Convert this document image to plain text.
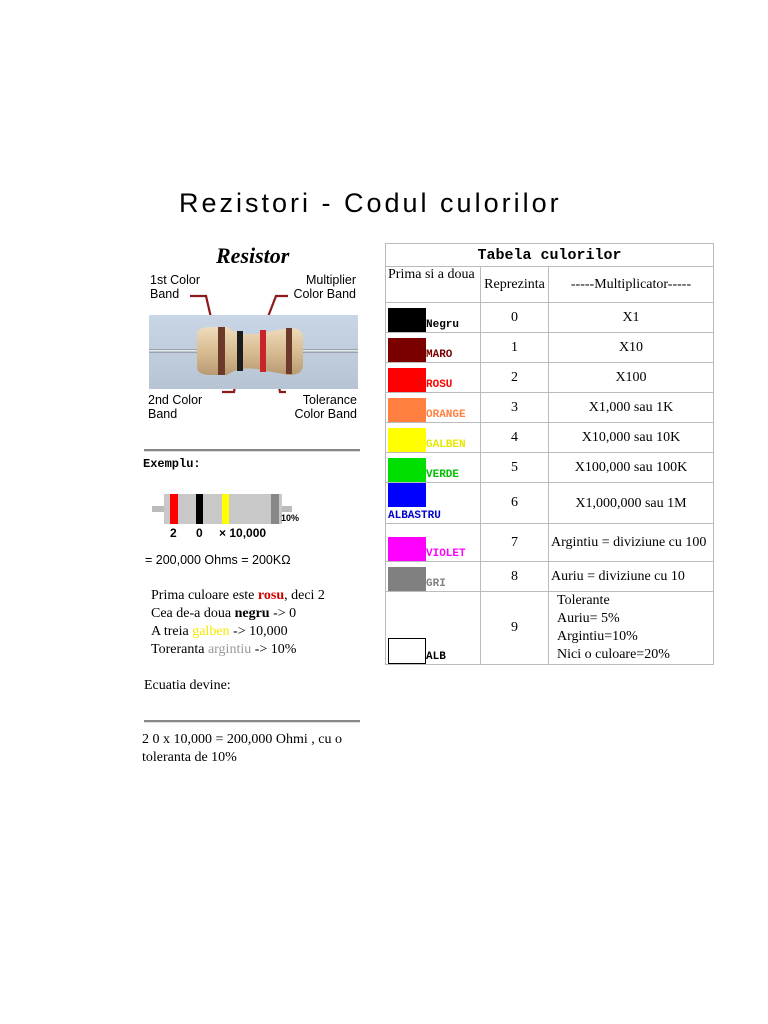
Rezistori - Codul culorilor
Resistor
1st Color
Band
Multiplier
Color Band
2nd Color
Band
Tolerance
Color Band
Exemplu:
2 0 × 10,000
10%
= 200,000 Ohms = 200KΩ
Prima culoare este rosu, deci 2
Cea de-a doua negru -> 0
A treia galben -> 10,000
Toreranta argintiu -> 10%
Ecuatia devine:
2 0 x 10,000 = 200,000 Ohmi , cu o toleranta de 10%
Tabela culorilor		
Prima si a doua	Reprezinta	-----Multiplicator-----
Negru	0	X1
MARO	1	X10
ROSU	2	X100
ORANGE	3	X1,000 sau 1K
GALBEN	4	X10,000 sau 10K
VERDE	5	X100,000 sau 100K

ALBASTRU	6	X1,000,000 sau 1M
VIOLET	7	Argintiu = diviziune cu 100
GRI	8	Auriu = diviziune cu 10
ALB	9	Tolerante
Auriu= 5%
Argintiu=10%
Nici o culoare=20%
